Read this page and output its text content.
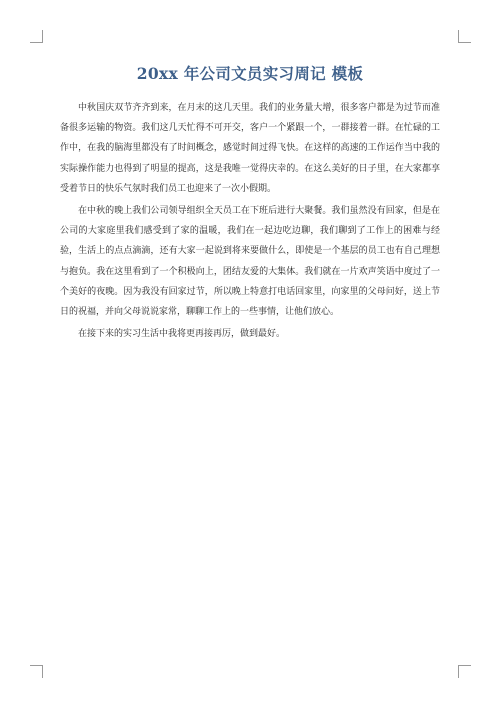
20xx 年公司文员实习周记 模板

中秋国庆双节齐齐到来，在月末的这几天里。我们的业务量大增，很多客户都是为过节而准备很多运输的物资。我们这几天忙得不可开交，客户一个紧跟一个，一群接着一群。在忙碌的工作中，在我的脑海里都没有了时间概念，感觉时间过得飞快。在这样的高速的工作运作当中我的实际操作能力也得到了明显的提高，这是我唯一觉得庆幸的。在这么美好的日子里，在大家都享受着节日的快乐气氛时我们员工也迎来了一次小假期。

在中秋的晚上我们公司领导组织全天员工在下班后进行大聚餐。我们虽然没有回家，但是在公司的大家庭里我们感受到了家的温暖，我们在一起边吃边聊，我们聊到了工作上的困难与经验，生活上的点点滴滴，还有大家一起说到将来要做什么，即使是一个基层的员工也有自己理想与抱负。我在这里看到了一个积极向上，团结友爱的大集体。我们就在一片欢声笑语中度过了一个美好的夜晚。因为我没有回家过节，所以晚上特意打电话回家里，向家里的父母问好，送上节日的祝福，并向父母说说家常，聊聊工作上的一些事情，让他们放心。

在接下来的实习生活中我将更再接再厉，做到最好。
